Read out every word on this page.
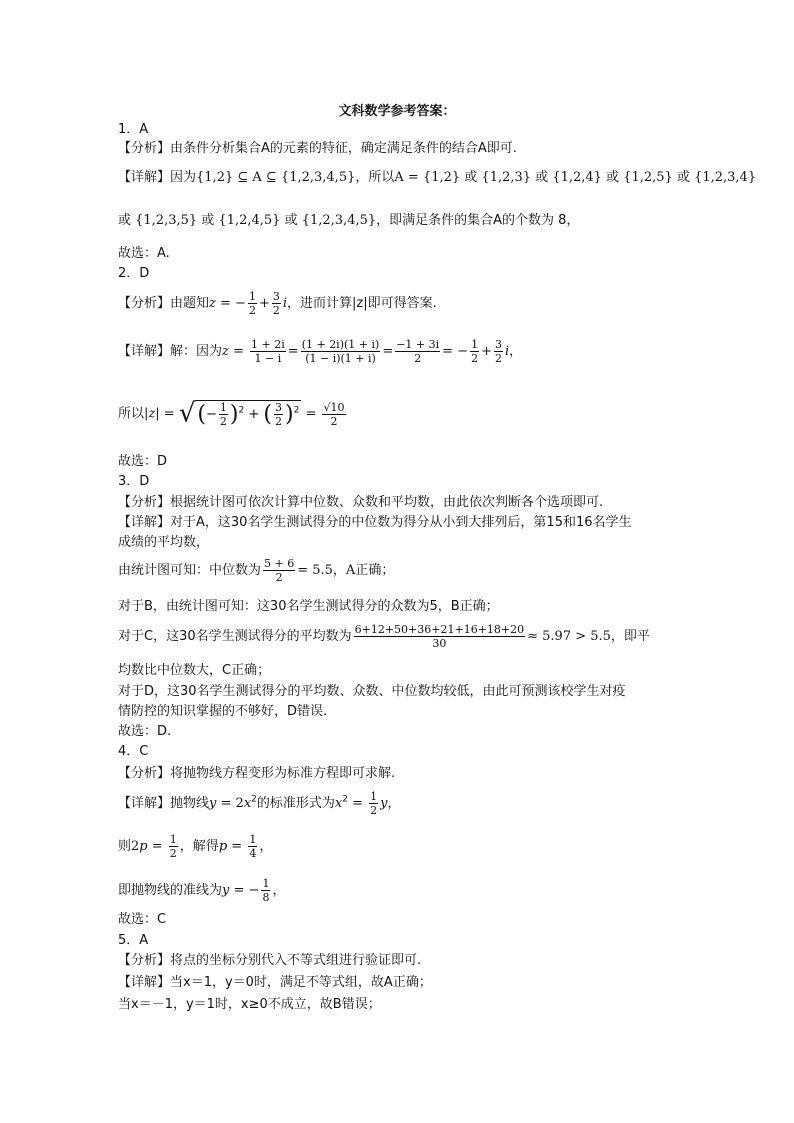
文科数学参考答案：
1．A
【分析】由条件分析集合A的元素的特征，确定满足条件的结合A即可.
【详解】因为{1,2} ⊆ A ⊆ {1,2,3,4,5}，所以A = {1,2} 或 {1,2,3} 或 {1,2,4} 或 {1,2,5} 或 {1,2,3,4}
或 {1,2,3,5} 或 {1,2,4,5} 或 {1,2,3,4,5}，即满足条件的集合A的个数为 8，
故选：A.
2．D
【分析】由题知z = − $\frac{1}{2} + \frac{3}{2}$ i，进而计算|z|即可得答案.
【详解】解：因为$z = \frac{1 + 2i}{1 - i} = \frac{(1 + 2i)(1 + i)}{(1 - i)(1 + i)} = \frac{-1 + 3i}{2}$ = − $\frac{1}{2} + \frac{3}{2}$ i，
所以|z| = √(− $\frac{1}{2} )^2$ + ( $\frac{3}{2} )^2 = \frac{√10}{2}$
故选：D
3．D
【分析】根据统计图可依次计算中位数、众数和平均数，由此依次判断各个选项即可.
【详解】对于A，这30名学生测试得分的中位数为得分从小到大排列后，第15和16名学生
成绩的平均数，
由统计图可知：中位数为 $\frac{5 + 6}{2} = 5.5$，A正确；
对于B，由统计图可知：这30名学生测试得分的众数为5，B正确；
对于C，这30名学生测试得分的平均数为 $\frac{6+12+50+36+21+16+18+20}{30} \approx 5.97 > 5.5$，即平
均数比中位数大，C正确；
对于D，这30名学生测试得分的平均数、众数、中位数均较低，由此可预测该校学生对疫
情防控的知识掌握的不够好，D错误.
故选：D.
4．C
【分析】将抛物线方程变形为标准方程即可求解.
【详解】抛物线$y = 2x^2$的标准形式为$x^2 = \frac{1}{2}$ y，
则$2p = \frac{1}{2}$ ，解得$p = \frac{1}{4}$ ，
即抛物线的准线为y = − $\frac{1}{8}$ ，
故选：C
5．A
【分析】将点的坐标分别代入不等式组进行验证即可.
【详解】当x＝1，y＝0时，满足不等式组，故A正确；
当x＝－1，y＝1时，x≥0不成立，故B错误；
